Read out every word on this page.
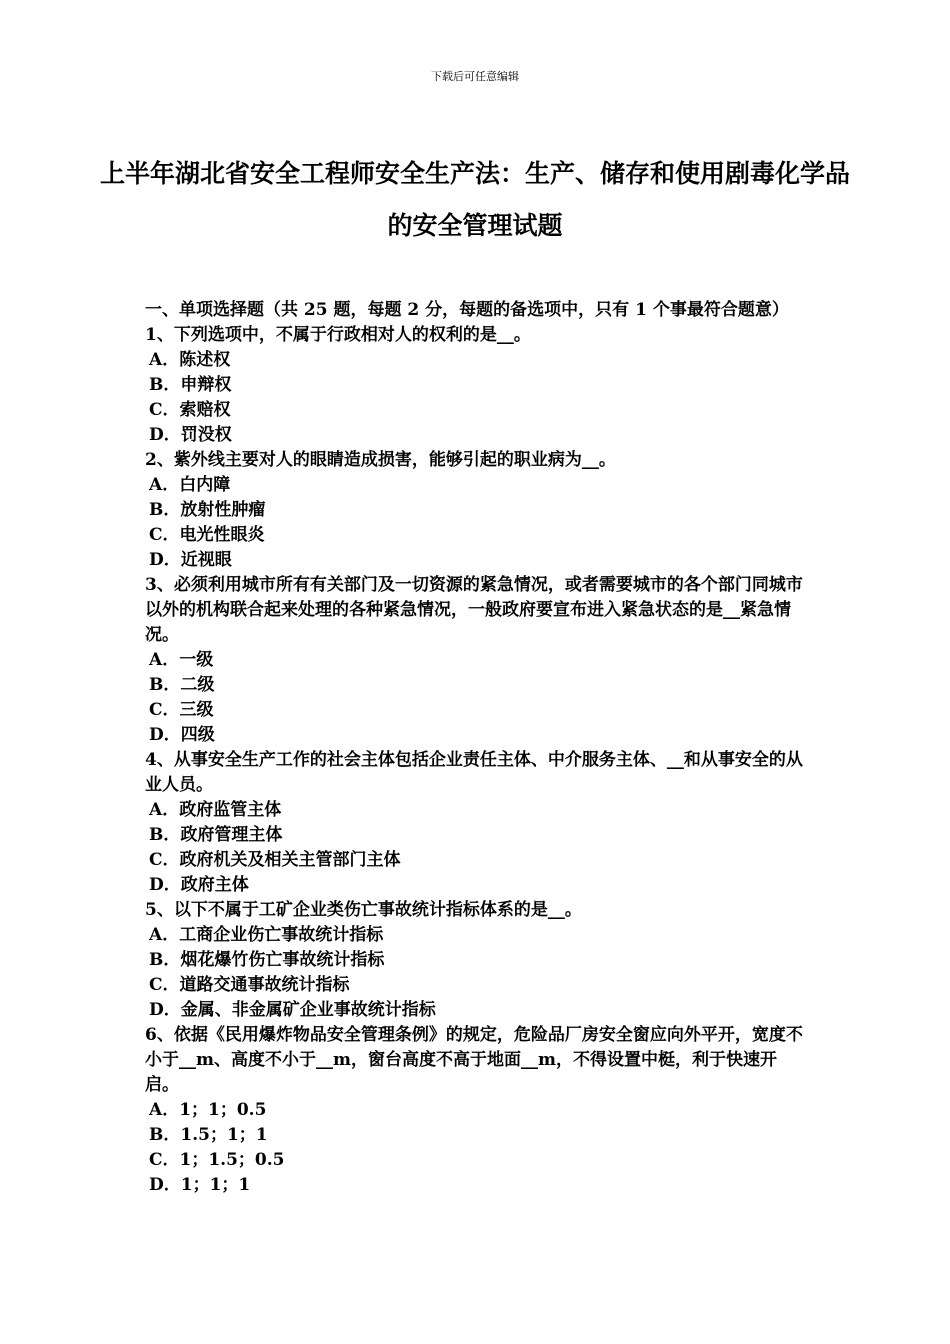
下载后可任意编辑
上半年湖北省安全工程师安全生产法：生产、储存和使用剧毒化学品的安全管理试题
一、单项选择题（共 25 题，每题 2 分，每题的备选项中，只有 1 个事最符合题意）
1、下列选项中，不属于行政相对人的权利的是__。
A．陈述权
B．申辩权
C．索赔权
D．罚没权
2、紫外线主要对人的眼睛造成损害，能够引起的职业病为__。
A．白内障
B．放射性肿瘤
C．电光性眼炎
D．近视眼
3、必须利用城市所有有关部门及一切资源的紧急情况，或者需要城市的各个部门同城市以外的机构联合起来处理的各种紧急情况，一般政府要宣布进入紧急状态的是__紧急情况。
A．一级
B．二级
C．三级
D．四级
4、从事安全生产工作的社会主体包括企业责任主体、中介服务主体、__和从事安全的从业人员。
A．政府监管主体
B．政府管理主体
C．政府机关及相关主管部门主体
D．政府主体
5、以下不属于工矿企业类伤亡事故统计指标体系的是__。
A．工商企业伤亡事故统计指标
B．烟花爆竹伤亡事故统计指标
C．道路交通事故统计指标
D．金属、非金属矿企业事故统计指标
6、依据《民用爆炸物品安全管理条例》的规定，危险品厂房安全窗应向外平开，宽度不小于__m、高度不小于__m，窗台高度不高于地面__m，不得设置中梃，利于快速开启。
A．1；1；0.5
B．1.5；1；1
C．1；1.5；0.5
D．1；1；1
